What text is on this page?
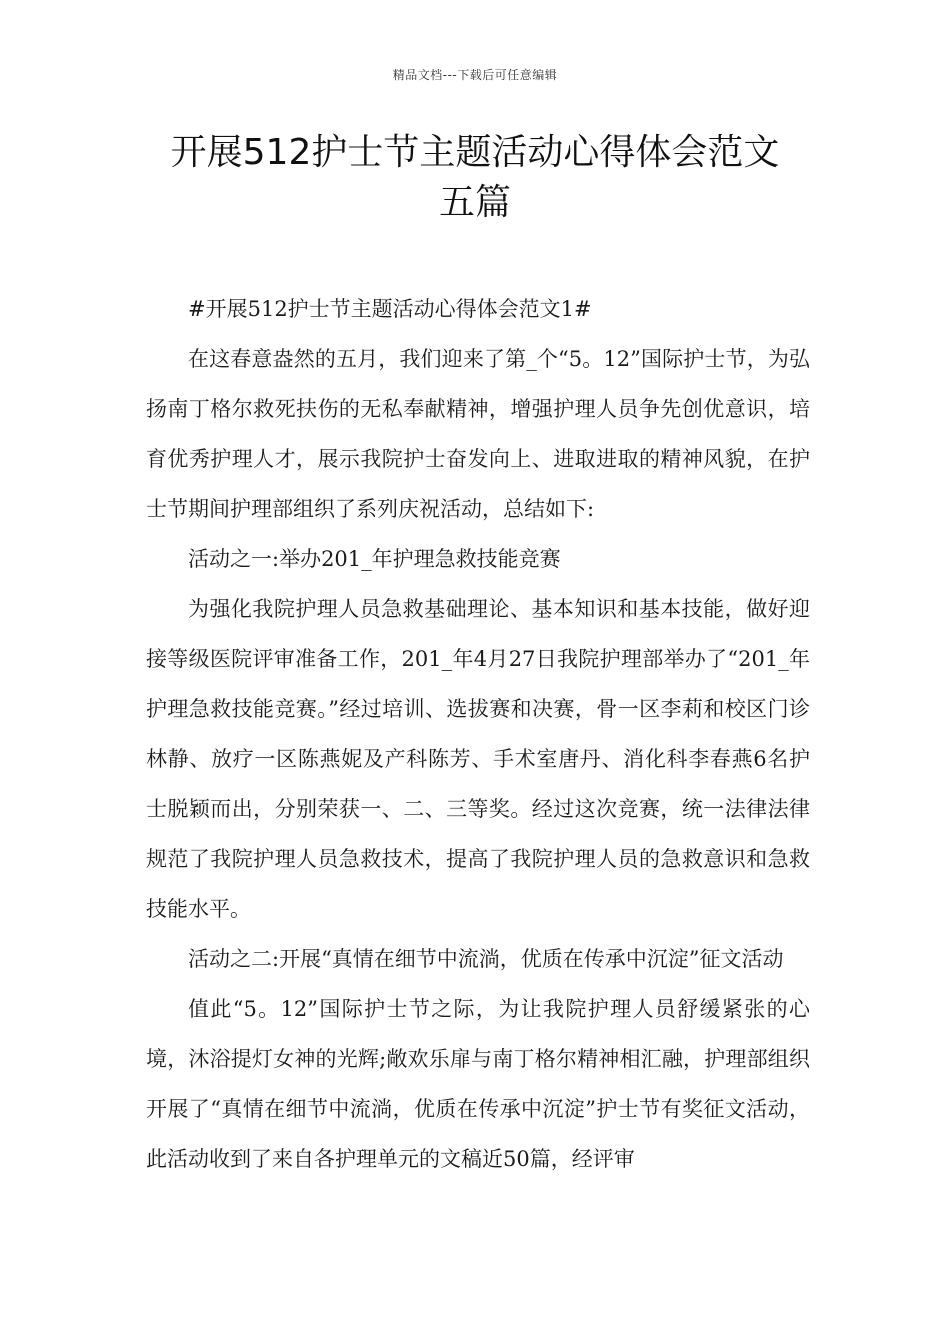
精品文档---下载后可任意编辑
开展512护士节主题活动心得体会范文
五篇

#开展512护士节主题活动心得体会范文1#

在这春意盎然的五月，我们迎来了第_个“5。12”国际护士节，为弘扬南丁格尔救死扶伤的无私奉献精神，增强护理人员争先创优意识，培育优秀护理人才，展示我院护士奋发向上、进取进取的精神风貌，在护士节期间护理部组织了系列庆祝活动，总结如下:

活动之一:举办201_年护理急救技能竞赛

为强化我院护理人员急救基础理论、基本知识和基本技能，做好迎接等级医院评审准备工作，201_年4月27日我院护理部举办了“201_年护理急救技能竞赛。”经过培训、选拔赛和决赛，骨一区李莉和校区门诊林静、放疗一区陈燕妮及产科陈芳、手术室唐丹、消化科李春燕6名护士脱颖而出，分别荣获一、二、三等奖。经过这次竞赛，统一法律法律规范了我院护理人员急救技术，提高了我院护理人员的急救意识和急救技能水平。

活动之二:开展“真情在细节中流淌，优质在传承中沉淀”征文活动

值此“5。12”国际护士节之际，为让我院护理人员舒缓紧张的心境，沐浴提灯女神的光辉;敞欢乐扉与南丁格尔精神相汇融，护理部组织开展了“真情在细节中流淌，优质在传承中沉淀”护士节有奖征文活动，此活动收到了来自各护理单元的文稿近50篇，经评审
